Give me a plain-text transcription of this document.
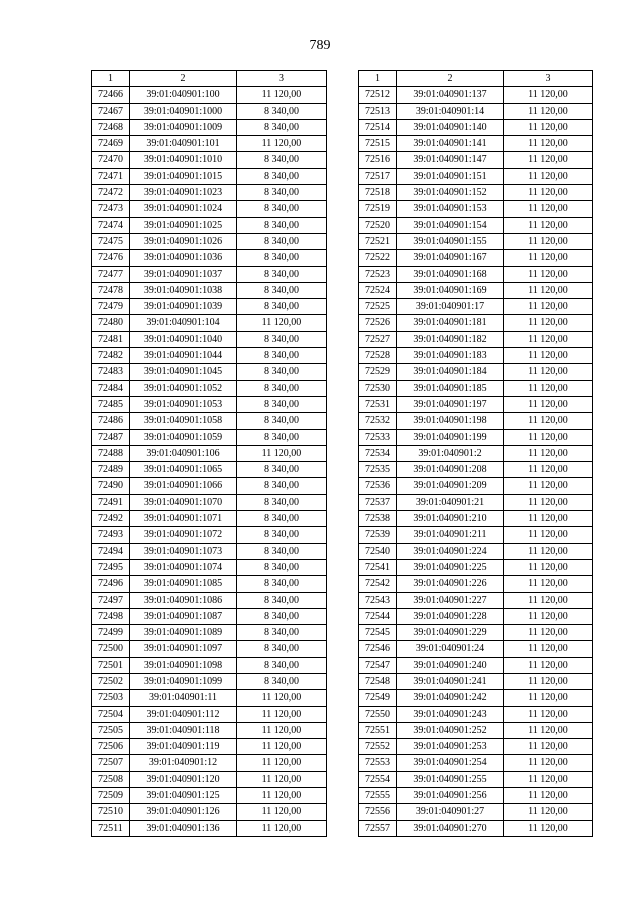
789
1	2	3
72466	39:01:040901:100	11 120,00
72467	39:01:040901:1000	8 340,00
72468	39:01:040901:1009	8 340,00
72469	39:01:040901:101	11 120,00
72470	39:01:040901:1010	8 340,00
72471	39:01:040901:1015	8 340,00
72472	39:01:040901:1023	8 340,00
72473	39:01:040901:1024	8 340,00
72474	39:01:040901:1025	8 340,00
72475	39:01:040901:1026	8 340,00
72476	39:01:040901:1036	8 340,00
72477	39:01:040901:1037	8 340,00
72478	39:01:040901:1038	8 340,00
72479	39:01:040901:1039	8 340,00
72480	39:01:040901:104	11 120,00
72481	39:01:040901:1040	8 340,00
72482	39:01:040901:1044	8 340,00
72483	39:01:040901:1045	8 340,00
72484	39:01:040901:1052	8 340,00
72485	39:01:040901:1053	8 340,00
72486	39:01:040901:1058	8 340,00
72487	39:01:040901:1059	8 340,00
72488	39:01:040901:106	11 120,00
72489	39:01:040901:1065	8 340,00
72490	39:01:040901:1066	8 340,00
72491	39:01:040901:1070	8 340,00
72492	39:01:040901:1071	8 340,00
72493	39:01:040901:1072	8 340,00
72494	39:01:040901:1073	8 340,00
72495	39:01:040901:1074	8 340,00
72496	39:01:040901:1085	8 340,00
72497	39:01:040901:1086	8 340,00
72498	39:01:040901:1087	8 340,00
72499	39:01:040901:1089	8 340,00
72500	39:01:040901:1097	8 340,00
72501	39:01:040901:1098	8 340,00
72502	39:01:040901:1099	8 340,00
72503	39:01:040901:11	11 120,00
72504	39:01:040901:112	11 120,00
72505	39:01:040901:118	11 120,00
72506	39:01:040901:119	11 120,00
72507	39:01:040901:12	11 120,00
72508	39:01:040901:120	11 120,00
72509	39:01:040901:125	11 120,00
72510	39:01:040901:126	11 120,00
72511	39:01:040901:136	11 120,00
1	2	3
72512	39:01:040901:137	11 120,00
72513	39:01:040901:14	11 120,00
72514	39:01:040901:140	11 120,00
72515	39:01:040901:141	11 120,00
72516	39:01:040901:147	11 120,00
72517	39:01:040901:151	11 120,00
72518	39:01:040901:152	11 120,00
72519	39:01:040901:153	11 120,00
72520	39:01:040901:154	11 120,00
72521	39:01:040901:155	11 120,00
72522	39:01:040901:167	11 120,00
72523	39:01:040901:168	11 120,00
72524	39:01:040901:169	11 120,00
72525	39:01:040901:17	11 120,00
72526	39:01:040901:181	11 120,00
72527	39:01:040901:182	11 120,00
72528	39:01:040901:183	11 120,00
72529	39:01:040901:184	11 120,00
72530	39:01:040901:185	11 120,00
72531	39:01:040901:197	11 120,00
72532	39:01:040901:198	11 120,00
72533	39:01:040901:199	11 120,00
72534	39:01:040901:2	11 120,00
72535	39:01:040901:208	11 120,00
72536	39:01:040901:209	11 120,00
72537	39:01:040901:21	11 120,00
72538	39:01:040901:210	11 120,00
72539	39:01:040901:211	11 120,00
72540	39:01:040901:224	11 120,00
72541	39:01:040901:225	11 120,00
72542	39:01:040901:226	11 120,00
72543	39:01:040901:227	11 120,00
72544	39:01:040901:228	11 120,00
72545	39:01:040901:229	11 120,00
72546	39:01:040901:24	11 120,00
72547	39:01:040901:240	11 120,00
72548	39:01:040901:241	11 120,00
72549	39:01:040901:242	11 120,00
72550	39:01:040901:243	11 120,00
72551	39:01:040901:252	11 120,00
72552	39:01:040901:253	11 120,00
72553	39:01:040901:254	11 120,00
72554	39:01:040901:255	11 120,00
72555	39:01:040901:256	11 120,00
72556	39:01:040901:27	11 120,00
72557	39:01:040901:270	11 120,00
